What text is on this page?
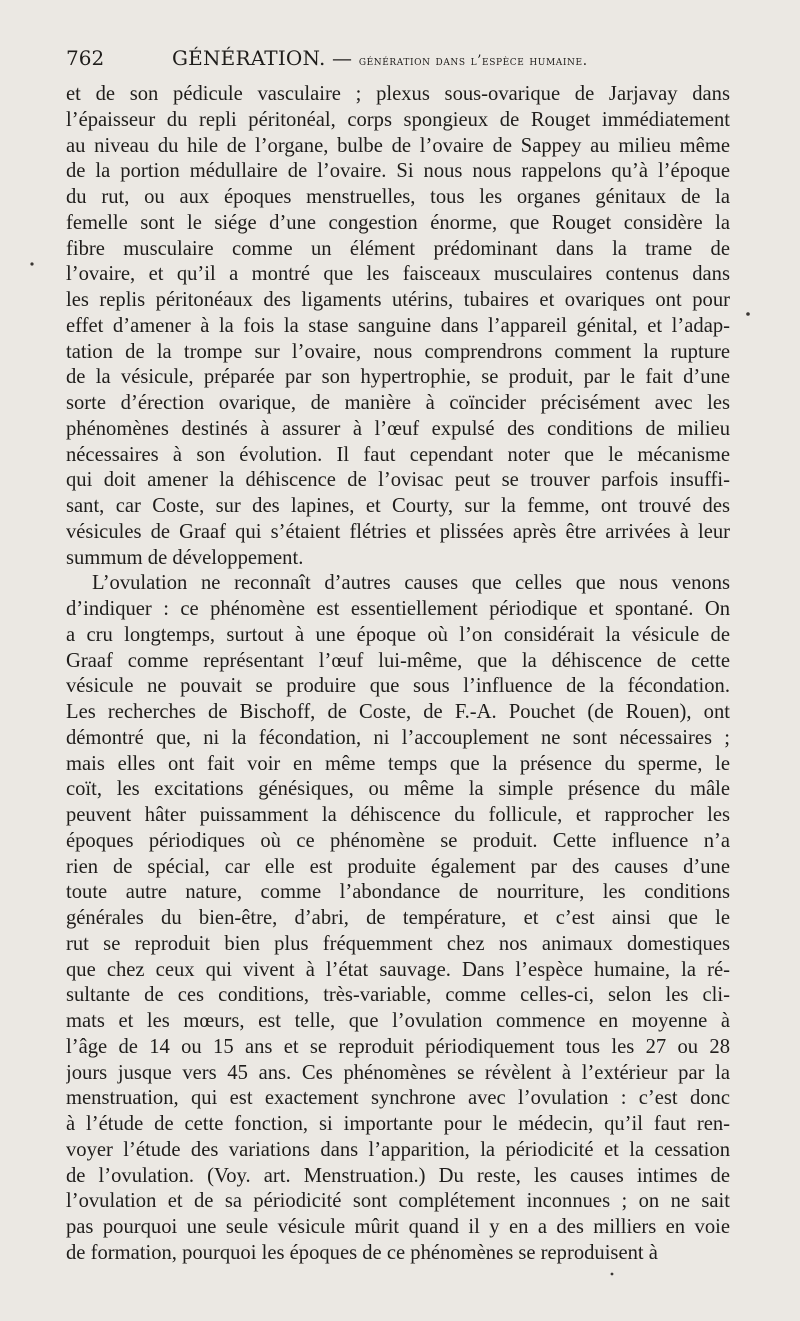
762	GÉNÉRATION. — génération dans l’espèce humaine.
et de son pédicule vasculaire ; plexus sous-ovarique de Jarjavay dans
l’épaisseur du repli péritonéal, corps spongieux de Rouget immédiatement
au niveau du hile de l’organe, bulbe de l’ovaire de Sappey au milieu même
de la portion médullaire de l’ovaire. Si nous nous rappelons qu’à l’époque
du rut, ou aux époques menstruelles, tous les organes génitaux de la
femelle sont le siége d’une congestion énorme, que Rouget considère la
fibre musculaire comme un élément prédominant dans la trame de
l’ovaire, et qu’il a montré que les faisceaux musculaires contenus dans
les replis péritonéaux des ligaments utérins, tubaires et ovariques ont pour
effet d’amener à la fois la stase sanguine dans l’appareil génital, et l’adap-
tation de la trompe sur l’ovaire, nous comprendrons comment la rupture
de la vésicule, préparée par son hypertrophie, se produit, par le fait d’une
sorte d’érection ovarique, de manière à coïncider précisément avec les
phénomènes destinés à assurer à l’œuf expulsé des conditions de milieu
nécessaires à son évolution. Il faut cependant noter que le mécanisme
qui doit amener la déhiscence de l’ovisac peut se trouver parfois insuffi-
sant, car Coste, sur des lapines, et Courty, sur la femme, ont trouvé des
vésicules de Graaf qui s’étaient flétries et plissées après être arrivées à leur
summum de développement.
L’ovulation ne reconnaît d’autres causes que celles que nous venons
d’indiquer : ce phénomène est essentiellement périodique et spontané. On
a cru longtemps, surtout à une époque où l’on considérait la vésicule de
Graaf comme représentant l’œuf lui-même, que la déhiscence de cette
vésicule ne pouvait se produire que sous l’influence de la fécondation.
Les recherches de Bischoff, de Coste, de F.-A. Pouchet (de Rouen), ont
démontré que, ni la fécondation, ni l’accouplement ne sont nécessaires ;
mais elles ont fait voir en même temps que la présence du sperme, le
coït, les excitations génésiques, ou même la simple présence du mâle
peuvent hâter puissamment la déhiscence du follicule, et rapprocher les
époques périodiques où ce phénomène se produit. Cette influence n’a
rien de spécial, car elle est produite également par des causes d’une
toute autre nature, comme l’abondance de nourriture, les conditions
générales du bien-être, d’abri, de température, et c’est ainsi que le
rut se reproduit bien plus fréquemment chez nos animaux domestiques
que chez ceux qui vivent à l’état sauvage. Dans l’espèce humaine, la ré-
sultante de ces conditions, très-variable, comme celles-ci, selon les cli-
mats et les mœurs, est telle, que l’ovulation commence en moyenne à
l’âge de 14 ou 15 ans et se reproduit périodiquement tous les 27 ou 28
jours jusque vers 45 ans. Ces phénomènes se révèlent à l’extérieur par la
menstruation, qui est exactement synchrone avec l’ovulation : c’est donc
à l’étude de cette fonction, si importante pour le médecin, qu’il faut ren-
voyer l’étude des variations dans l’apparition, la périodicité et la cessation
de l’ovulation. (Voy. art. Menstruation.) Du reste, les causes intimes de
l’ovulation et de sa périodicité sont complétement inconnues ; on ne sait
pas pourquoi une seule vésicule mûrit quand il y en a des milliers en voie
de formation, pourquoi les époques de ce phénomènes se reproduisent à
